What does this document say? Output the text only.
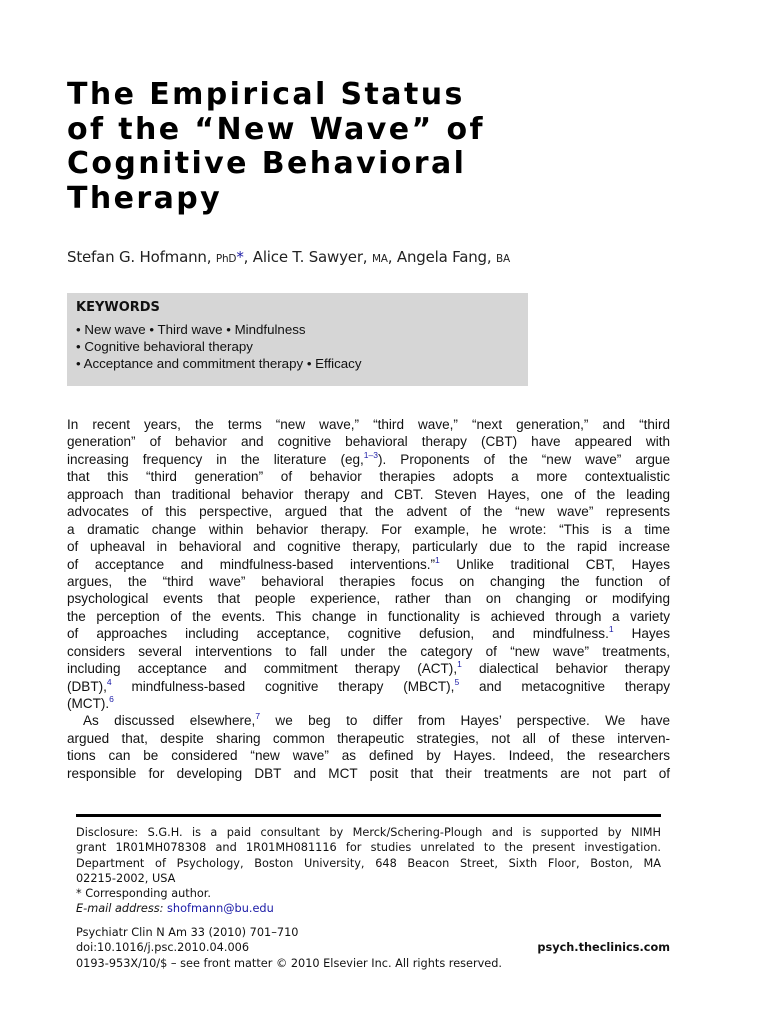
The Empirical Status
of the “New Wave” of
Cognitive Behavioral
Therapy
Stefan G. Hofmann, PhD*, Alice T. Sawyer, MA, Angela Fang, BA
KEYWORDS
• New wave • Third wave • Mindfulness
• Cognitive behavioral therapy
• Acceptance and commitment therapy • Efficacy
In recent years, the terms “new wave,” “third wave,” “next generation,” and “third
generation” of behavior and cognitive behavioral therapy (CBT) have appeared with
increasing frequency in the literature (eg,$^{1-3}$). Proponents of the “new wave” argue
that this “third generation” of behavior therapies adopts a more contextualistic
approach than traditional behavior therapy and CBT. Steven Hayes, one of the leading
advocates of this perspective, argued that the advent of the “new wave” represents
a dramatic change within behavior therapy. For example, he wrote: “This is a time
of upheaval in behavioral and cognitive therapy, particularly due to the rapid increase
of acceptance and mindfulness-based interventions.”$^1$ Unlike traditional CBT, Hayes
argues, the “third wave” behavioral therapies focus on changing the function of
psychological events that people experience, rather than on changing or modifying
the perception of the events. This change in functionality is achieved through a variety
of approaches including acceptance, cognitive defusion, and mindfulness.$^1$ Hayes
considers several interventions to fall under the category of “new wave” treatments,
including acceptance and commitment therapy (ACT),$^1$ dialectical behavior therapy
(DBT),$^4$ mindfulness-based cognitive therapy (MBCT),$^5$ and metacognitive therapy
(MCT).$^6$
As discussed elsewhere,$^7$ we beg to differ from Hayes’ perspective. We have
argued that, despite sharing common therapeutic strategies, not all of these interven-
tions can be considered “new wave” as defined by Hayes. Indeed, the researchers
responsible for developing DBT and MCT posit that their treatments are not part of
Disclosure: S.G.H. is a paid consultant by Merck/Schering-Plough and is supported by NIMH
grant 1R01MH078308 and 1R01MH081116 for studies unrelated to the present investigation.
Department of Psychology, Boston University, 648 Beacon Street, Sixth Floor, Boston, MA
02215-2002, USA
* Corresponding author.
E-mail address: shofmann@bu.edu
Psychiatr Clin N Am 33 (2010) 701–710
doi:10.1016/j.psc.2010.04.006	psych.theclinics.com
0193-953X/10/$ – see front matter © 2010 Elsevier Inc. All rights reserved.
